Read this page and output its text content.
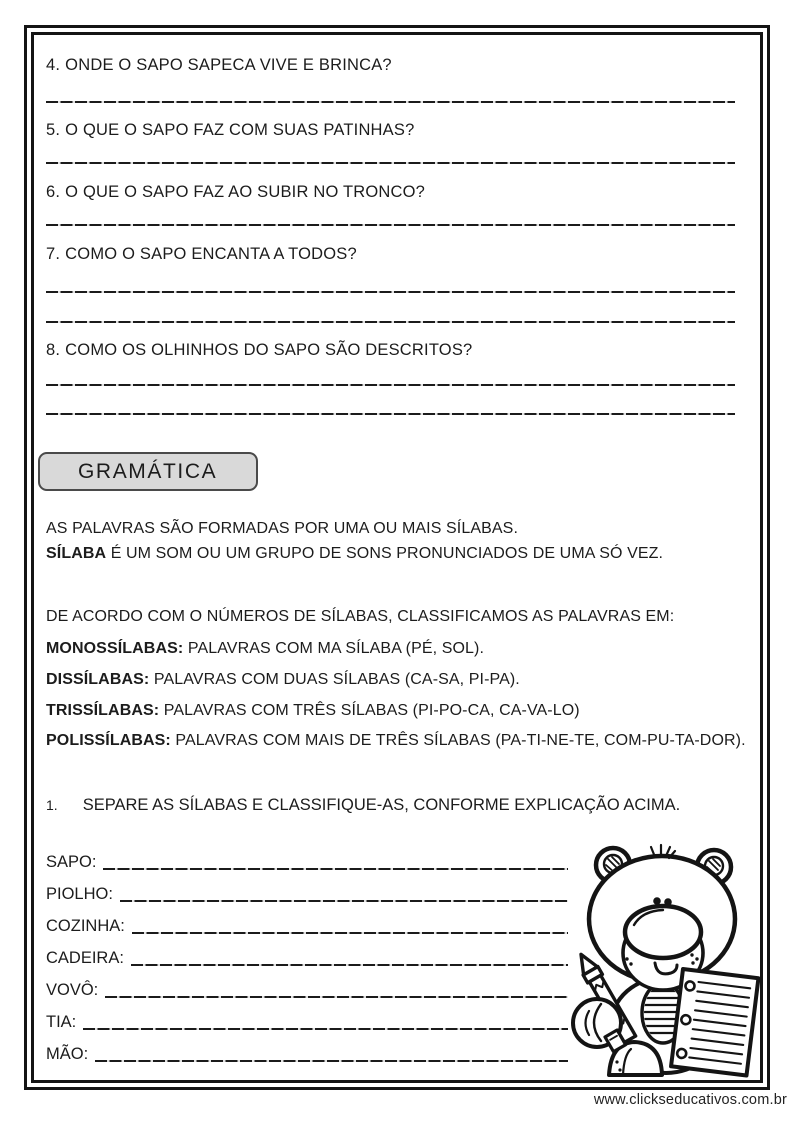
4. ONDE O SAPO SAPECA VIVE E BRINCA?
5. O QUE O SAPO FAZ COM SUAS PATINHAS?
6. O QUE O SAPO FAZ AO SUBIR NO TRONCO?
7. COMO O SAPO ENCANTA A TODOS?
8. COMO OS OLHINHOS DO SAPO SÃO DESCRITOS?
GRAMÁTICA

AS PALAVRAS SÃO FORMADAS POR UMA OU MAIS SÍLABAS.

SÍLABA É UM SOM OU UM GRUPO DE SONS PRONUNCIADOS DE UMA SÓ VEZ.

DE ACORDO COM O NÚMEROS DE SÍLABAS, CLASSIFICAMOS AS PALAVRAS EM:

MONOSSÍLABAS: PALAVRAS COM MA SÍLABA (PÉ, SOL).

DISSÍLABAS: PALAVRAS COM DUAS SÍLABAS (CA-SA, PI-PA).

TRISSÍLABAS: PALAVRAS COM TRÊS SÍLABAS (PI-PO-CA, CA-VA-LO)

POLISSÍLABAS: PALAVRAS COM MAIS DE TRÊS SÍLABAS (PA-TI-NE-TE, COM-PU-TA-DOR).

1. SEPARE AS SÍLABAS E CLASSIFIQUE-AS, CONFORME EXPLICAÇÃO ACIMA.
SAPO:
PIOLHO:
COZINHA:
CADEIRA:
VOVÔ:
TIA:
MÃO:
www.clickseducativos.com.br
